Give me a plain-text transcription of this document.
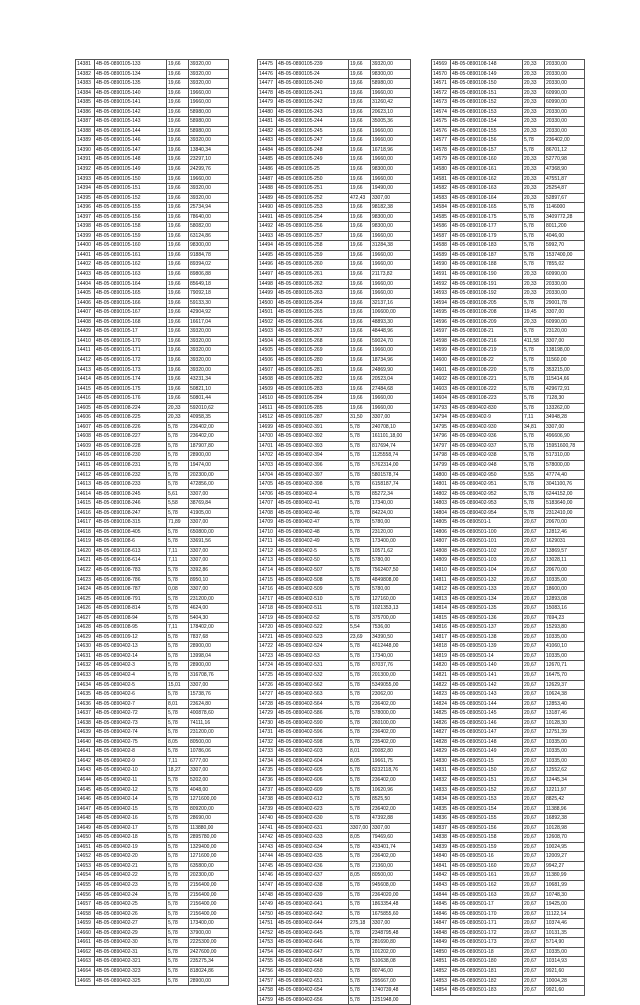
14381	4B-05-0890105-133	19,66	39320,00
14382	4B-05-0890105-134	19,66	39320,00
14383	4B-05-0890105-135	19,66	39320,00
14384	4B-05-0890105-140	19,66	19660,00
14385	4B-05-0890105-141	19,66	19660,00
14386	4B-05-0890105-142	19,66	58980,00
14387	4B-05-0890105-143	19,66	58980,00
14388	4B-05-0890105-144	19,66	58980,00
14389	4B-05-0890105-146	19,66	39320,00
14390	4B-05-0890105-147	19,66	13840,34
14391	4B-05-0890105-148	19,66	23297,10
14392	4B-05-0890105-149	19,66	24299,76
14393	4B-05-0890105-150	19,66	19660,00
14394	4B-05-0890105-151	19,66	39320,00
14395	4B-05-0890105-152	19,66	39320,00
14396	4B-05-0890105-155	19,66	25734,94
14397	4B-05-0890105-156	19,66	78640,00
14398	4B-05-0890105-158	19,66	58082,00
14399	4B-05-0890105-159	19,66	63124,86
14400	4B-05-0890105-160	19,66	98300,00
14401	4B-05-0890105-161	19,66	91884,78
14402	4B-05-0890105-162	19,66	89394,02
14403	4B-05-0890105-163	19,66	89806,88
14404	4B-05-0890105-164	19,66	85649,18
14405	4B-05-0890105-165	19,66	79092,18
14406	4B-05-0890105-166	19,66	59133,30
14407	4B-05-0890105-167	19,66	42904,92
14408	4B-05-0890105-168	19,66	16617,04
14409	4B-05-0890105-17	19,66	39320,00
14410	4B-05-0890105-170	19,66	39320,00
14411	4B-05-0890105-171	19,66	39320,00
14412	4B-05-0890105-172	19,66	39320,00
14413	4B-05-0890105-173	19,66	39320,00
14414	4B-05-0890105-174	19,66	43231,34
14415	4B-05-0890105-175	19,66	50821,10
14416	4B-05-0890105-176	19,66	50801,44
14605	4B-05-0890108-224	20,33	592010,62
14606	4B-05-0890108-225	20,33	40958,35
14607	4B-05-0890108-226	5,78	236402,00
14608	4B-05-0890108-227	5,78	236402,00
14609	4B-05-0890108-228	5,78	187907,80
14610	4B-05-0890108-230	5,78	28900,00
14611	4B-05-0890108-231	5,78	19474,00
14612	4B-05-0890108-232	5,78	202300,00
14613	4B-05-0890108-233	5,78	472856,00
14614	4B-05-0890108-245	5,61	3307,00
14615	4B-05-0890108-246	5,58	38769,84
14616	4B-05-0890108-247	5,78	41905,00
14617	4B-05-0890108-315	71,89	3307,00
14618	4B-05-0890108-405	5,78	650800,00
14619	4B-05-0890108-6	5,78	33691,56
14620	4B-05-0890108-613	7,11	3307,00
14621	4B-05-0890108-614	7,11	3307,00
14622	4B-05-0890108-783	5,78	3392,86
14623	4B-05-0890108-786	5,78	8950,10
14624	4B-05-0890108-787	0,08	3307,00
14625	4B-05-0890108-791	5,78	231200,00
14626	4B-05-0890108-814	5,78	4624,00
14627	4B-05-0890108-94	5,78	5404,30
14628	4B-05-0890108-95	7,11	178402,00
14629	4B-05-0890109-12	5,78	7837,68
14630	4B-05-0890402-13	5,78	28900,00
14631	4B-05-0890402-14	5,78	13998,04
14632	4B-05-0890402-3	5,78	28900,00
14633	4B-05-0890402-4	5,78	316708,76
14634	4B-05-0890402-5	15,01	3307,00
14635	4B-05-0890402-6	5,78	15738,76
14636	4B-05-0890402-7	8,01	23624,80
14637	4B-05-0890402-72	5,78	400878,60
14638	4B-05-0890402-73	5,78	74111,16
14639	4B-05-0890402-74	5,78	231200,00
14640	4B-05-0890402-75	8,05	80500,00
14641	4B-05-0890402-8	5,78	10786,06
14642	4B-05-0890402-9	7,11	6777,00
14643	4B-05-0890402-10	18,27	3307,00
14644	4B-05-0890402-11	5,78	5202,00
14645	4B-05-0890402-12	5,78	4048,00
14646	4B-05-0890402-14	5,78	1271600,00
14647	4B-05-0890402-15	5,78	809200,00
14648	4B-05-0890402-16	5,78	28690,00
14649	4B-05-0890402-17	5,78	113880,00
14650	4B-05-0890402-18	5,78	2895780,00
14651	4B-05-0890402-19	5,78	1329400,00
14652	4B-05-0890402-20	5,78	1271600,00
14653	4B-05-0890402-21	5,78	635800,00
14654	4B-05-0890402-22	5,78	202300,00
14655	4B-05-0890402-23	5,78	2156400,00
14656	4B-05-0890402-24	5,78	2156400,00
14657	4B-05-0890402-25	5,78	2156400,00
14658	4B-05-0890402-26	5,78	2156400,00
14659	4B-05-0890402-27	5,78	173400,00
14660	4B-05-0890402-29	5,78	37900,00
14661	4B-05-0890402-30	5,78	2225300,00
14662	4B-05-0890402-31	5,78	2427600,00
14663	4B-05-0890402-321	5,78	235275,34
14664	4B-05-0890402-323	5,78	818024,86
14665	4B-05-0890402-325	5,78	28900,00
14475	4B-05-0890105-239	19,66	39320,00
14476	4B-05-0890105-24	19,66	98300,00
14477	4B-05-0890105-240	19,66	58980,00
14478	4B-05-0890105-241	19,66	19660,00
14479	4B-05-0890105-242	19,66	31260,42
14480	4B-05-0890105-243	19,66	20623,10
14481	4B-05-0890105-244	19,66	35005,36
14482	4B-05-0890105-245	19,66	19660,00
14483	4B-05-0890105-247	19,66	19660,00
14484	4B-05-0890105-248	19,66	16718,96
14485	4B-05-0890105-249	19,66	19660,00
14486	4B-05-0890105-25	19,66	98300,00
14487	4B-05-0890105-250	19,66	19660,00
14488	4B-05-0890105-251	19,66	19490,00
14489	4B-05-0890105-252	472,43	3307,00
14490	4B-05-0890105-253	19,66	98182,38
14491	4B-05-0890105-254	19,66	98300,00
14492	4B-05-0890105-256	19,66	98300,00
14493	4B-05-0890105-257	19,66	19660,00
14494	4B-05-0890105-258	19,66	31284,38
14495	4B-05-0890105-259	19,66	19660,00
14496	4B-05-0890105-260	19,66	19660,00
14497	4B-05-0890105-261	19,66	21173,82
14498	4B-05-0890105-262	19,66	19660,00
14499	4B-05-0890105-263	19,66	19660,00
14500	4B-05-0890105-264	19,66	32137,16
14501	4B-05-0890105-265	19,66	106600,00
14502	4B-05-0890105-266	19,66	48893,30
14503	4B-05-0890105-267	19,66	48448,96
14504	4B-05-0890105-268	19,66	59024,70
14505	4B-05-0890105-269	19,66	19660,00
14506	4B-05-0890105-280	19,66	18734,96
14507	4B-05-0890105-281	19,66	24869,90
14508	4B-05-0890105-282	19,66	20523,04
14509	4B-05-0890105-283	19,66	27484,68
14510	4B-05-0890105-284	19,66	19660,00
14511	4B-05-0890105-285	19,66	19660,00
14512	4B-05-0890105-287	31,50	3307,00
14699	4B-05-0890402-391	5,78	240708,10
14700	4B-05-0890402-392	5,78	161101,18,00
14701	4B-05-0890402-393	5,78	817694,74
14702	4B-05-0890402-394	5,78	1125558,74
14703	4B-05-0890402-396	5,78	5762314,00
14704	4B-05-0890402-397	5,78	5801578,74
14705	4B-05-0890402-398	5,78	6158187,74
14706	4B-05-0890402-4	5,78	85272,34
14707	4B-05-0890402-41	5,78	17340,00
14708	4B-05-0890402-46	5,78	84224,00
14709	4B-05-0890402-47	5,78	5780,00
14710	4B-05-0890402-48	5,78	23120,00
14711	4B-05-0890402-49	5,78	173400,00
14712	4B-05-0890402-5	5,78	10571,62
14713	4B-05-0890402-50	5,78	5780,00
14714	4B-05-0890402-507	5,78	7562407,50
14715	4B-05-0890402-508	5,78	4849808,00
14716	4B-05-0890402-509	5,78	5780,00
14717	4B-05-0890402-510	5,78	127160,00
14718	4B-05-0890402-511	5,78	1021353,13
14719	4B-05-0890402-52	5,78	375700,00
14720	4B-05-0890402-522	5,54	7536,00
14721	4B-05-0890402-523	23,69	34390,50
14722	4B-05-0890402-524	5,78	4612448,00
14723	4B-05-0890402-53	5,78	17340,00
14724	4B-05-0890402-531	5,78	87037,76
14725	4B-05-0890402-532	5,78	201300,00
14726	4B-05-0890402-562	5,78	5349055,00
14727	4B-05-0890402-563	5,78	23062,00
14728	4B-05-0890402-564	5,78	236402,00
14729	4B-05-0890402-586	5,78	578000,00
14730	4B-05-0890402-590	5,78	260100,00
14731	4B-05-0890402-596	5,78	236402,00
14732	4B-05-0890402-598	5,78	235402,00
14733	4B-05-0890402-603	8,01	20082,80
14734	4B-05-0890402-604	8,05	19661,75
14735	4B-05-0890402-605	5,78	8232118,76
14736	4B-05-0890402-606	5,78	236402,00
14737	4B-05-0890402-609	5,78	10620,96
14738	4B-05-0890402-612	5,78	8525,50
14739	4B-05-0890402-623	5,78	236402,00
14740	4B-05-0890402-630	5,78	47392,88
14741	4B-05-0890402-631	3307,00	3307,00
14742	4B-05-0890402-633	8,05	79469,60
14743	4B-05-0890402-634	5,78	433401,74
14744	4B-05-0890402-635	5,78	236402,00
14745	4B-05-0890402-636	5,78	21360,00
14746	4B-05-0890402-637	8,05	80500,00
14747	4B-05-0890402-638	5,78	945608,00
14748	4B-05-0890402-639	5,78	2364020,00
14749	4B-05-0890402-641	5,78	1863354,48
14750	4B-05-0890402-642	5,78	1675855,60
14751	4B-05-0890402-644	275,18	3307,00
14752	4B-05-0890402-645	5,78	2348795,48
14753	4B-05-0890402-646	5,78	281690,80
14754	4B-05-0890402-647	5,78	101202,00
14755	4B-05-0890402-648	5,78	510638,08
14756	4B-05-0890402-650	5,78	80746,00
14757	4B-05-0890402-651	5,78	295667,00
14758	4B-05-0890402-654	5,78	1740739,48
14759	4B-05-0890402-656	5,78	1251948,00
14569	4B-05-0890108-148	20,33	20330,00
14570	4B-05-0890108-149	20,33	20330,00
14571	4B-05-0890108-150	20,33	20330,00
14572	4B-05-0890108-151	20,33	60990,00
14573	4B-05-0890108-152	20,33	60990,00
14574	4B-05-0890108-153	20,33	20330,00
14575	4B-05-0890108-154	20,33	20330,00
14576	4B-05-0890108-155	20,33	20330,00
14577	4B-05-0890108-156	5,78	236402,00
14578	4B-05-0890108-157	5,78	86701,12
14579	4B-05-0890108-160	20,33	52770,98
14580	4B-05-0890108-161	20,33	47368,90
14581	4B-05-0890108-162	20,33	47551,87
14582	4B-05-0890108-163	20,33	25254,87
14583	4B-05-0890108-164	20,33	52897,67
14584	4B-05-0890108-165	5,78	1146000
14585	4B-05-0890108-175	5,78	3409772,28
14586	4B-05-0890108-177	5,78	8011,200
14587	4B-05-0890108-179	5,78	4046,00
14588	4B-05-0890108-183	5,78	5992,70
14589	4B-05-0890108-187	5,78	1537400,00
14590	4B-05-0890108-188	5,78	7855,02
14591	4B-05-0890108-190	20,33	60990,00
14592	4B-05-0890108-191	20,33	20330,00
14593	4B-05-0890108-192	20,33	20330,00
14594	4B-05-0890108-205	5,78	29001,78
14595	4B-05-0890108-208	19,45	3307,00
14596	4B-05-0890108-209	20,33	60990,00
14597	4B-05-0890108-21	5,78	23120,00
14598	4B-05-0890108-216	411,58	3307,00
14599	4B-05-0890108-219	5,78	138198,00
14600	4B-05-0890108-22	5,78	11560,00
14601	4B-05-0890108-220	5,78	353215,00
14602	4B-05-0890108-221	5,78	115414,66
14603	4B-05-0890108-222	5,78	429672,91
14604	4B-05-0890108-223	5,78	7128,30
14793	4B-05-0890402-830	5,78	133262,00
14794	4B-05-0890402-9	7,11	34948,28
14795	4B-05-0890402-930	34,81	3307,00
14796	4B-05-0890402-936	5,78	496606,90
14797	4B-05-0890402-937	5,78	15951600,78
14798	4B-05-0890402-938	5,78	517310,00
14799	4B-05-0890402-948	5,78	578000,00
14800	4B-05-0890402-950	5,55	47774,40
14801	4B-05-0890402-951	5,78	3041100,76
14802	4B-05-0890402-952	5,78	6244152,00
14803	4B-05-0890402-953	5,78	5183640,00
14804	4B-05-0890402-954	5,78	2312410,00
14805	4B-05-0890501-1	20,67	20670,00
14806	4B-05-0890501-100	20,67	12812,46
14807	4B-05-0890501-101	20,67	1629031
14808	4B-05-0890501-102	20,67	13869,57
14809	4B-05-0890501-103	20,67	13028,11
14810	4B-05-0890501-104	20,67	20670,00
14811	4B-05-0890501-132	20,67	10335,00
14812	4B-05-0890501-133	20,67	18600,00
14813	4B-05-0890501-134	20,67	12893,08
14814	4B-05-0890501-135	20,67	15083,16
14815	4B-05-0890501-136	20,67	7694,23
14816	4B-05-0890501-137	20,67	15293,80
14817	4B-05-0890501-138	20,67	10335,00
14818	4B-05-0890501-139	20,67	41060,10
14819	4B-05-0890501-14	20,67	10335,00
14820	4B-05-0890501-140	20,67	12670,71
14821	4B-05-0890501-141	20,67	16475,70
14822	4B-05-0890501-142	20,67	12629,37
14823	4B-05-0890501-143	20,67	10624,38
14824	4B-05-0890501-144	20,67	12853,40
14825	4B-05-0890501-145	20,67	13187,46
14826	4B-05-0890501-146	20,67	10128,30
14827	4B-05-0890501-147	20,67	12751,39
14828	4B-05-0890501-148	20,67	10335,00
14829	4B-05-0890501-149	20,67	10335,00
14830	4B-05-0890501-15	20,67	10335,00
14831	4B-05-0890501-150	20,67	12552,62
14832	4B-05-0890501-151	20,67	12445,34
14833	4B-05-0890501-152	20,67	12211,97
14834	4B-05-0890501-153	20,67	8825,42
14835	4B-05-0890501-154	20,67	11388,96
14836	4B-05-0890501-155	20,67	16892,38
14837	4B-05-0890501-156	20,67	10128,98
14838	4B-05-0890501-158	20,67	12608,70
14839	4B-05-0890501-159	20,67	10024,95
14840	4B-05-0890501-16	20,67	12009,27
14841	4B-05-0890501-160	20,67	9942,27
14842	4B-05-0890501-161	20,67	11380,99
14843	4B-05-0890501-162	20,67	10681,99
14844	4B-05-0890501-163	20,67	10748,30
14845	4B-05-0890501-17	20,67	19425,00
14846	4B-05-0890501-170	20,67	11122,14
14847	4B-05-0890501-171	20,67	10374,46
14848	4B-05-0890501-172	20,67	10131,35
14849	4B-05-0890501-173	20,67	5714,90
14850	4B-05-0890501-18	20,67	10335,00
14851	4B-05-0890501-180	20,67	10314,93
14852	4B-05-0890501-181	20,67	9921,60
14853	4B-05-0890501-182	20,67	10004,28
14854	4B-05-0890501-183	20,67	9921,60
